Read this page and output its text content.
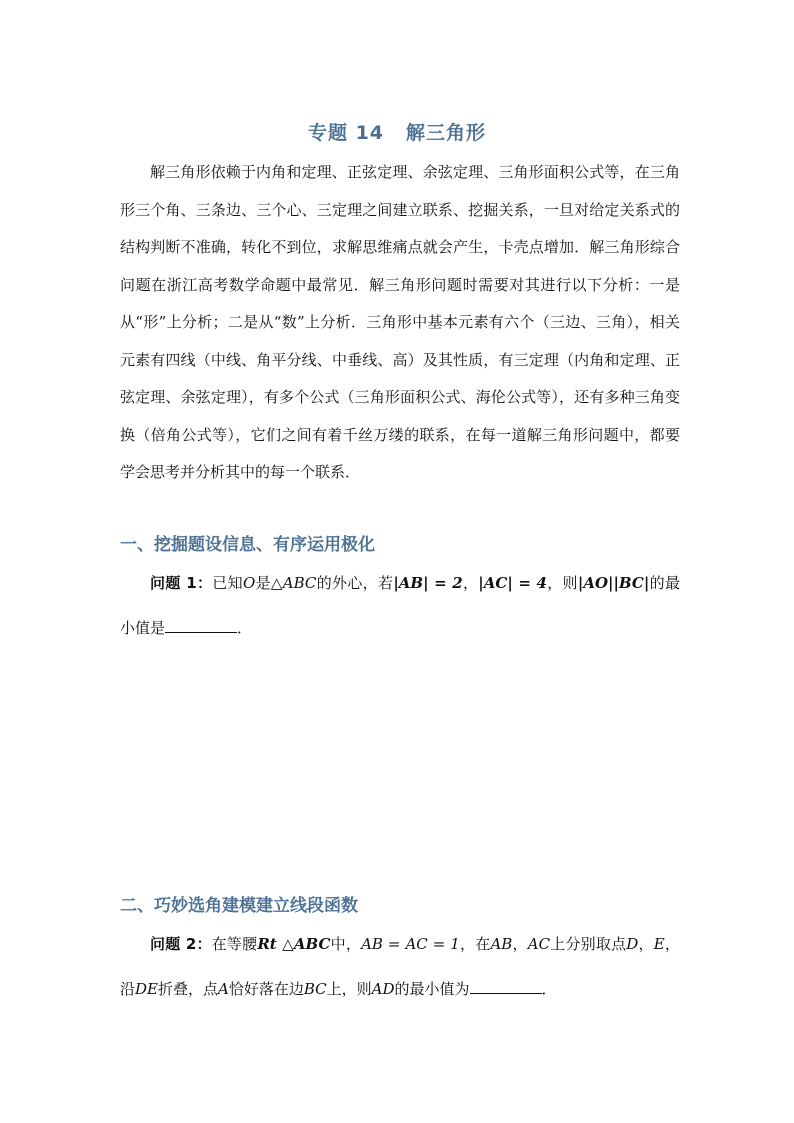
专题 14 解三角形

解三角形依赖于内角和定理、正弦定理、余弦定理、三角形面积公式等，在三角形三个角、三条边、三个心、三定理之间建立联系、挖掘关系，一旦对给定关系式的结构判断不准确，转化不到位，求解思维痛点就会产生，卡壳点增加．解三角形综合问题在浙江高考数学命题中最常见．解三角形问题时需要对其进行以下分析：一是从“形”上分析；二是从“数”上分析．三角形中基本元素有六个（三边、三角），相关元素有四线（中线、角平分线、中垂线、高）及其性质，有三定理（内角和定理、正弦定理、余弦定理），有多个公式（三角形面积公式、海伦公式等），还有多种三角变换（倍角公式等），它们之间有着千丝万缕的联系，在每一道解三角形问题中，都要学会思考并分析其中的每一个联系．

一、挖掘题设信息、有序运用极化

问题 1：已知O是△ABC的外心，若|AB| = 2，|AC| = 4，则|AO||BC|的最小值是	．

二、巧妙选角建模建立线段函数

问题 2：在等腰Rt △ABC中，AB = AC = 1，在AB，AC上分别取点D，E，沿DE折叠，点A恰好落在边BC上，则AD的最小值为	．
